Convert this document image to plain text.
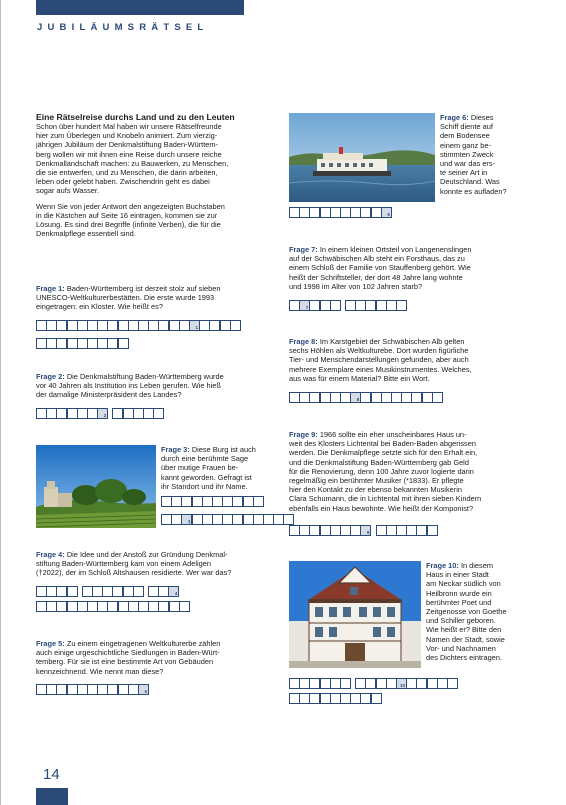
JUBILÄUMSRÄTSEL
Eine Rätselreise durchs Land und zu den Leuten
Schon über hundert Mal haben wir unsere Rätselfreunde
hier zum Überlegen und Knobeln animiert. Zum vierzig-
jährigen Jubiläum der Denkmalstiftung Baden-Württem-
berg wollen wir mit ihnen eine Reise durch unsere reiche
Denkmallandschaft machen: zu Bauwerken, zu Menschen,
die sie entwerfen, und zu Menschen, die darin arbeiten,
leben oder gelebt haben. Zwischendrin geht es dabei
sogar aufs Wasser.
Wenn Sie von jeder Antwort den angezeigten Buchstaben
in die Kästchen auf Seite 16 eintragen, kommen sie zur
Lösung. Es sind drei Begriffe (infinite Verben), die für die
Denkmalpflege essentiell sind.
Frage 1: Baden-Württemberg ist derzeit stolz auf sieben
UNESCO-Weltkulturerbestätten. Die erste wurde 1993
eingetragen: ein Kloster. Wie heißt es?
1
Frage 2: Die Denkmalstiftung Baden-Württemberg wurde
vor 40 Jahren als Institution ins Leben gerufen. Wie hieß
der damalige Ministerpräsident des Landes?
2
Frage 3: Diese Burg ist auch
durch eine berühmte Sage
über mutige Frauen be-
kannt geworden. Gefragt ist
ihr Standort und ihr Name.
3
Frage 4: Die Idee und der Anstoß zur Gründung Denkmal-
stiftung Baden-Württemberg kam von einem Adeligen
(†2022), der im Schloß Altshausen residierte. Wer war das?
4
Frage 5: Zu einem eingetragenen Weltkulturerbe zählen
auch einige urgeschichtliche Siedlungen in Baden-Würt-
temberg. Für sie ist eine bestimmte Art von Gebäuden
kennzeichnend. Wie nennt man diese?
5
Frage 6: Dieses
Schiff diente auf
dem Bodensee
einem ganz be-
stimmten Zweck
und war das ers-
te seiner Art in
Deutschland. Was
konnte es aufladen?
6
Frage 7: In einem kleinen Ortsteil von Langenenslingen
auf der Schwäbischen Alb steht ein Forsthaus, das zu
einem Schloß der Familie von Stauffenberg gehört. Wie
heißt der Schriftsteller, der dort 48 Jahre lang wohnte
und 1998 im Alter von 102 Jahren starb?
7
Frage 8: Im Karstgebiet der Schwäbischen Alb gelten
sechs Höhlen als Weltkulturebe. Dort wurden figürliche
Tier- und Menschendarstellungen gefunden, aber auch
mehrere Exemplare eines Musikinstrumentes. Welches,
aus was für einem Material? Bitte ein Wort.
8
Frage 9: 1966 sollte ein eher unscheinbares Haus un-
weit des Klosters Lichtental bei Baden-Baden abgerissen
werden. Die Denkmalpflege setzte sich für den Erhalt ein,
und die Denkmalstiftung Baden-Württemberg gab Geld
für die Renovierung, denn 100 Jahre zuvor logierte darin
regelmäßig ein berühmter Musiker (*1833). Er pflegte
hier den Kontakt zu der ebenso bekannten Musikerin
Clara Schumann, die in Lichtental mit ihren sieben Kindern
ebenfalls ein Haus bewohnte. Wie heißt der Komponist?
9
Frage 10: In diesem
Haus in einer Stadt
am Neckar südlich von
Heilbronn wurde ein
berühmter Poet und
Zeitgenosse von Goethe
und Schiller geboren.
Wie heißt er? Bitte den
Namen der Stadt, sowie
Vor- und Nachnamen
des Dichters eintragen.
10
14
